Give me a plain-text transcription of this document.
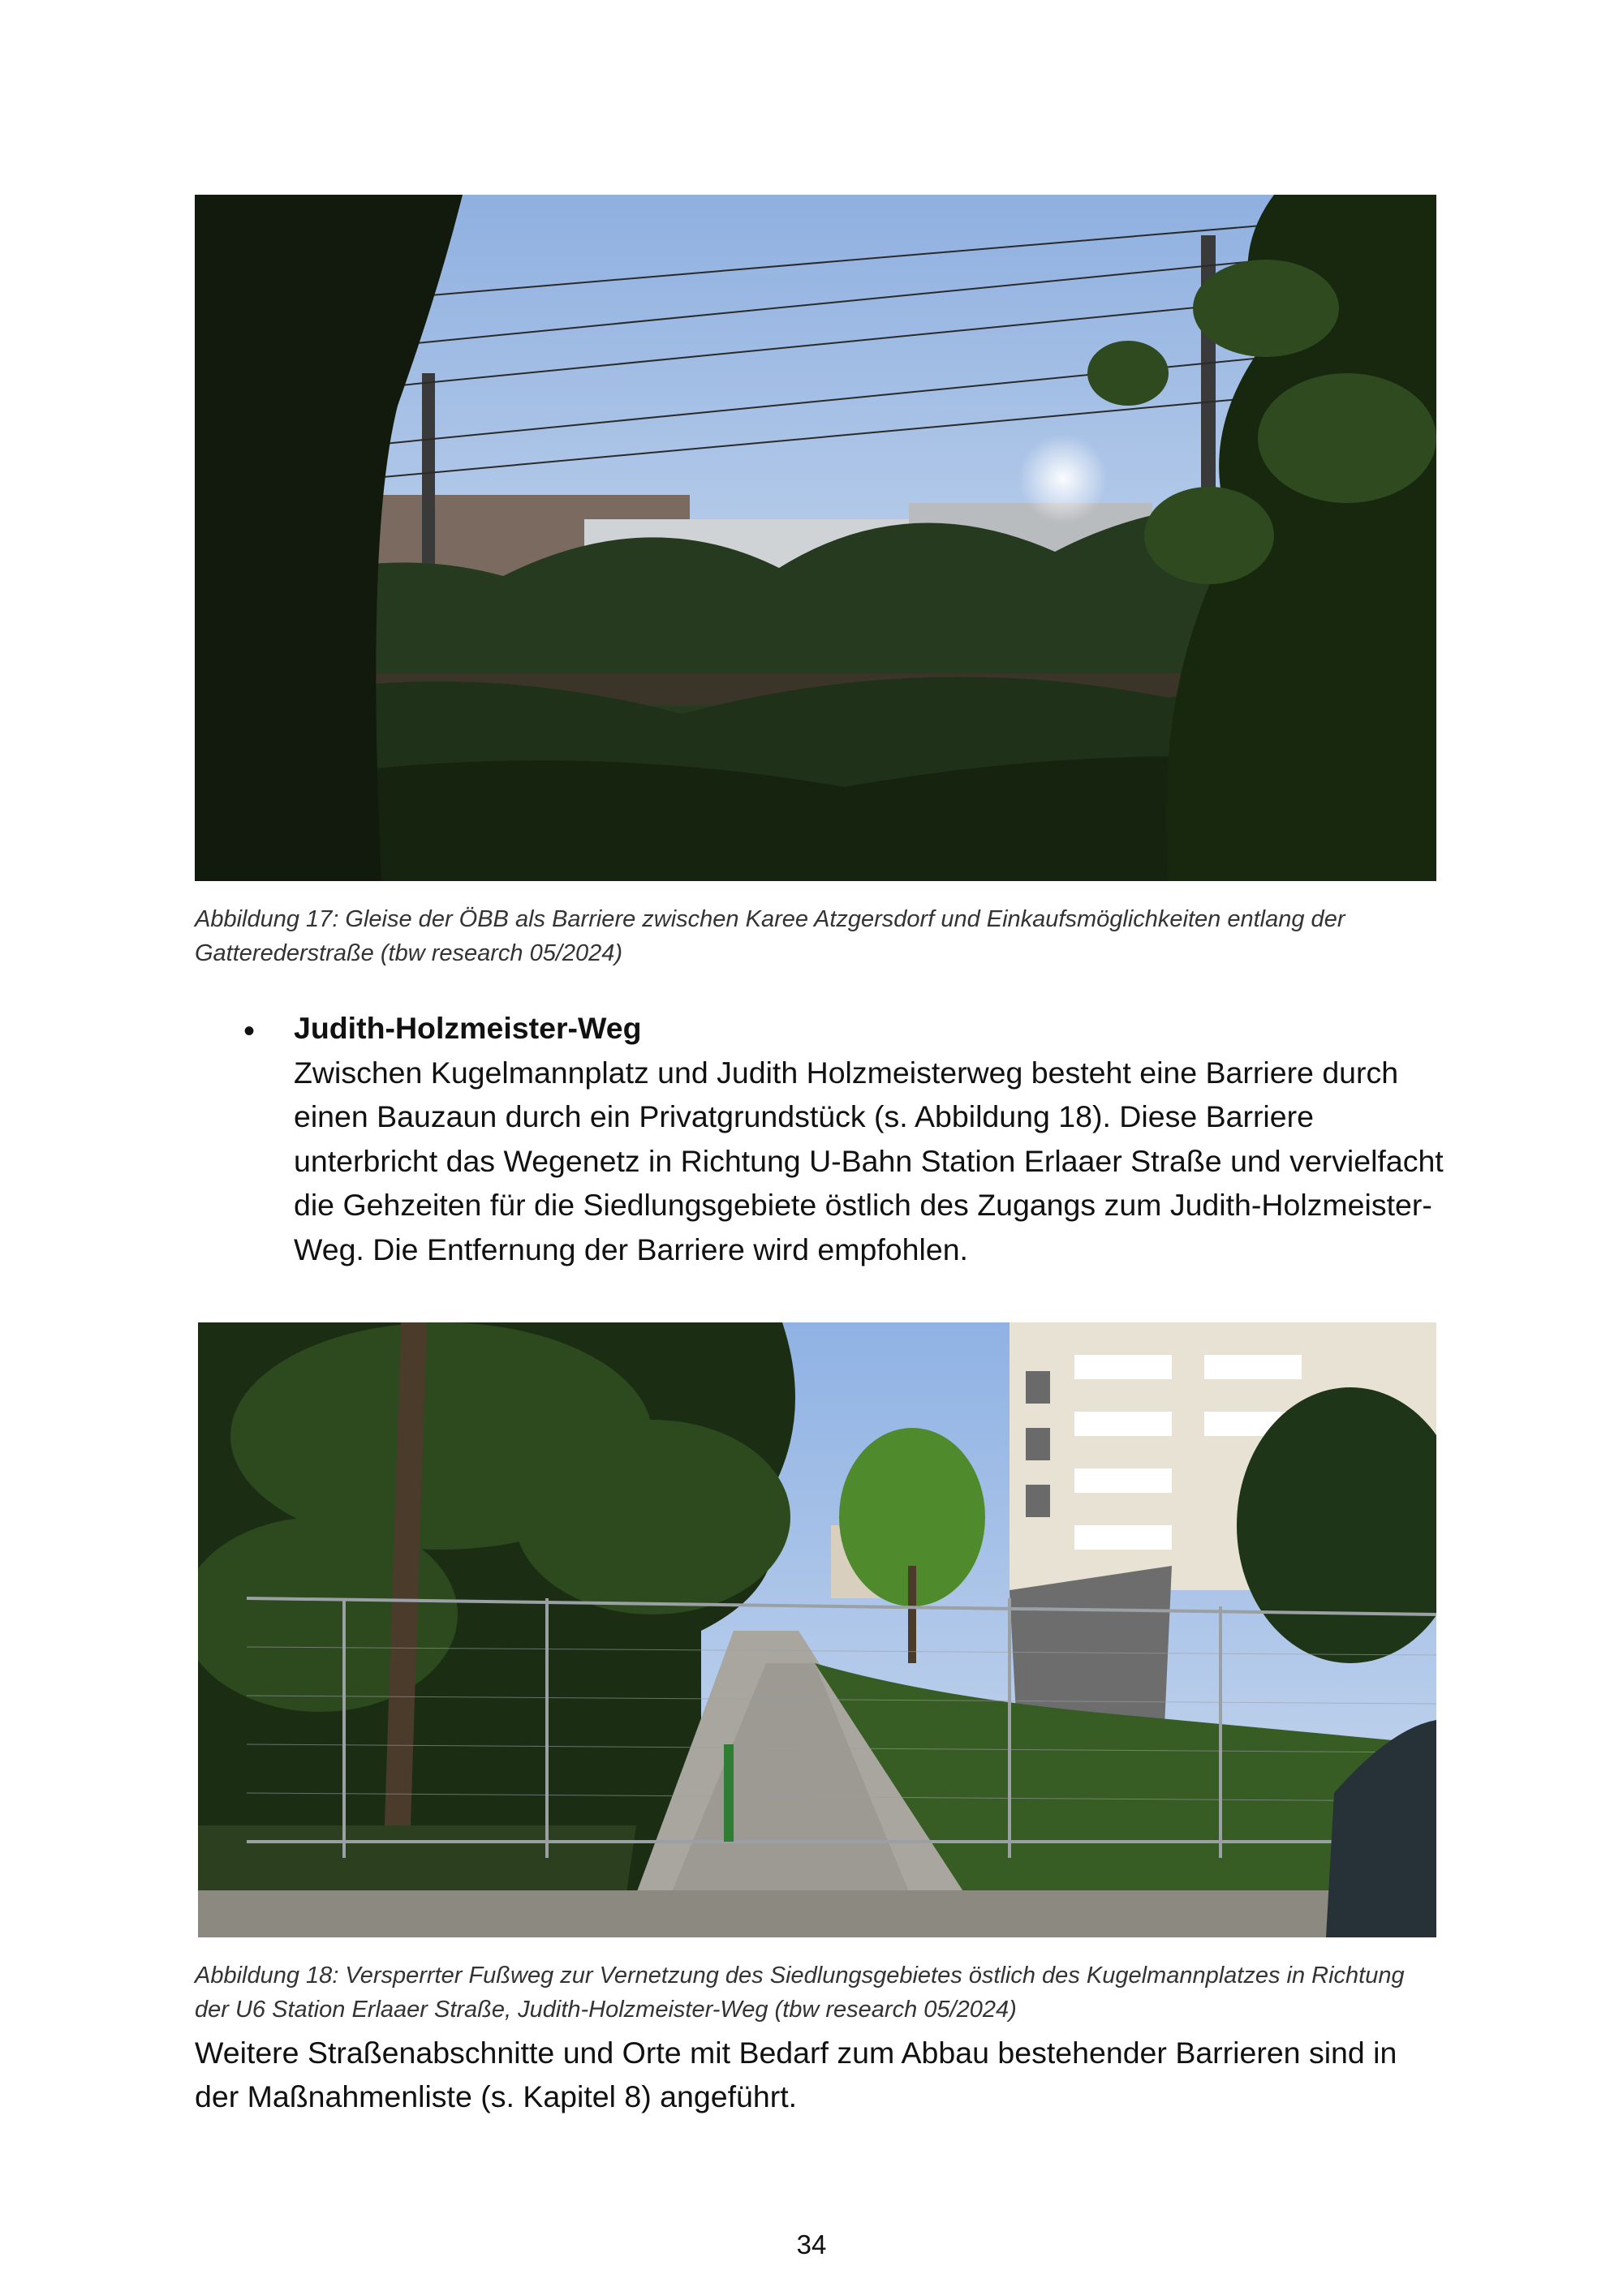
Abbildung 17: Gleise der ÖBB als Barriere zwischen Karee Atzgersdorf und Einkaufsmöglichkeiten entlang der Gatterederstraße (tbw research 05/2024)
• Judith-Holzmeister-Weg
Zwischen Kugelmannplatz und Judith Holzmeisterweg besteht eine Barriere durch einen Bauzaun durch ein Privatgrundstück (s. Abbildung 18). Diese Barriere unterbricht das Wegenetz in Richtung U-Bahn Station Erlaaer Straße und vervielfacht die Gehzeiten für die Siedlungsgebiete östlich des Zugangs zum Judith-Holzmeister-Weg. Die Entfernung der Barriere wird empfohlen.
Abbildung 18: Versperrter Fußweg zur Vernetzung des Siedlungsgebietes östlich des Kugelmannplatzes in Richtung der U6 Station Erlaaer Straße, Judith-Holzmeister-Weg (tbw research 05/2024)
Weitere Straßenabschnitte und Orte mit Bedarf zum Abbau bestehender Barrieren sind in der Maßnahmenliste (s. Kapitel 8) angeführt.
34
